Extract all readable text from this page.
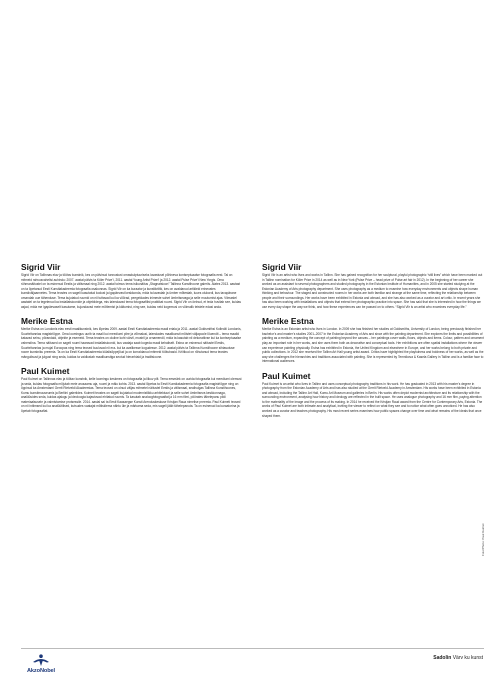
Sigrid Viir

Sigrid Viir on Tallinnas elav ja töötav kunstnik, kes on pälvinud tunnustust omaskulptuuriseks lavastusel põhineva kontseptuaalse fotograafia eest. Tal on mitmeid rahvusvahelisi auhindu: 2007. aastal pälvis ta Köler Prize’i, 2011. aastal Young Artist Prize’i ja 2012. aastal Pulse Prize’i New Yorgis. Oma rühmanäitustel on ta esinenud Eestis ja välismaal ning 2012. aastal toimus tema isikunäitus „Stagnatsioon” Tallinna Kunstihoone galeriis. Alates 2013. aastast on ta õpetanud Eesti Kunstiakadeemia fotograafia osakonnas. Sigrid Viir on ka kuraator ja kunstikriitik, kes on avaldanud artikleid erinevates kunstiväljaannetes. Tema teostes on sageli kasutatud kodust ja igapäevast keskkonda, mida ta lavastab ja ümber mõtestab, luues olukordi, kus tavapärane omandab uue tähenduse. Tema kujutatud ruumid on nii tuttavad kui ka võõrad, peegeldades inimeste suhet ümbritsevaga ja selle muutumist ajas. Viimastel aastatel on ta tegelenud ka installatsioonide ja objektidega, mis laiendavad tema fotograafilist praktikat ruumi. Sigrid Viir on öelnud, et teda huvitab see, kuidas asjad, mida me igapäevaselt kasutame, kujundavad meie mõtlemist ja käitumist, ning see, kuidas neid kogemusi on võimalik teistele edasi anda.

Merike Estna

Merike Estna on Londonis elav eesti maalikunstnik, kes lõpetas 2009. aastal Eesti Kunstiakadeemia maali eriala ja 2011. aastal Goldsmithsi Kolledži Londonis, Suurbritannias magistriõppe. Oma loomingus uurib ta maali kui meediumi piire ja võimalusi, laiendades maalikunsti mõistet väljapoole lõuendit – tema maalid katavad seinu, põrandaid, objekte ja esemeid. Tema teostes on oluline koht värvil, mustril ja ornamendil, mida ta kasutab nii dekoratiivse kui ka kontseptuaalse vahendina. Tema näitused on sageli ruumi haaravad installatsioonid, kus vaataja saab kogeda maali kehaliselt. Estna on esinenud näitustel Eestis, Suurbritannias ja mujal Euroopas ning tema teosed kuuluvad nii era- kui ka avalikesse kogudesse. 2012. aastal pälvis ta Tallinna Kunstihoone sihtasutuse noore kunstniku preemia. Ta on ka Eesti Kunstiakadeemia külalisõppejõud ja on korraldanud mitmeid töötubasid. Kriitikud on rõhutanud tema teostes mängulisust ja julgust ning seda, kuidas ta vaidlustab maalikunstiga seotud hierarhiaid ja traditsioone.

Paul Kuimet

Paul Kuimet on Tallinnas elav ja töötav kunstnik, kelle loomingu keskmes on fotograafia ja liikuv pilt. Tema eesmärk on uurida fotograafia kui meediumi olemust ja seda, kuidas fotograafia mõjutab meie arusaamu aja, ruumi ja mälu kohta. 2013. aastal lõpetas ta Eesti Kunstiakadeemia fotograafia magistriõppe ning on õppinud ka Amsterdami Gerrit Rietveldi Akadeemias. Tema teosed on olnud väljas mitmetel näitustel Eestis ja välismaal, sealhulgas Tallinna Kunstihoones, Kumu kunstimuuseumis ja Berliini galeriides. Kuimeti teostes on sageli kujutatud modernistlikku arhitektuuri ja selle suhet ümbritseva keskkonnaga, analüüsides seda, kuidas ajalugu ja ideoloogia kajastuvad ehitatud ruumis. Ta kasutab analoogfotograafiat ja 16 mm filmi, pöörates tähelepanu pildi materiaalsusele ja valmistamise protsessile. 2014. aastal sai ta Eesti Kaasaegse Kunsti Arenduskeskuse Kristjan Raua nimelise preemia. Paul Kuimeti teosed on nii intiimsed kui ka analüütilised, kutsudes vaatajat mõtisklema nähtu üle ja märkama seda, mis sageli jääb tähelepanuta. Ta on esinenud ka kuraatorina ja õpetab fotograafiat.

Sigrid Viir

Sigrid Viir is an artist who lives and works in Tallinn. She has gained recognition for her sculptural, playful photographic “still lives” which have been marked out in Tallinn nomination for Köler Prize in 2014 as well as in New York (Pulse Prize – head prize of Pulse art fair in 2012). In the beginning of her career she worked as an assistant to several photographers and studied photography in the Estonian Institute of Humanities, and in 2005 she started studying at the Estonian Academy of Arts photography department. She uses photography as a medium to examine how everyday environments and objects shape human thinking and behaviour. The staged and constructed rooms in her works are both familiar and strange at the same time, reflecting the relationship between people and their surroundings. Her works have been exhibited in Estonia and abroad, and she has also worked as a curator and art critic. In recent years she has also been working with installations and objects that extend her photographic practice into space. She has said that she is interested in how the things we use every day shape the way we think, and how these experiences can be passed on to others. “Sigrid Viir is an artist who examines everyday life.”

Merike Estna

Merike Estna is an Estonian artist who lives in London. In 2009 she has finished her studies at Goldsmiths, University of London, being previously finished her bachelor’s and master’s studies 2001–2007 in the Estonian Academy of Arts and since with the painting department. She explores the limits and possibilities of painting as a medium, expanding the concept of painting beyond the canvas – her paintings cover walls, floors, objects and items. Colour, pattern and ornament play an important role in her works, and she uses them both as decorative and conceptual tools. Her exhibitions are often spatial installations where the viewer can experience painting physically. Estna has exhibited in Estonia, the United Kingdom and elsewhere in Europe, and her works belong to both private and public collections. In 2012 she received the Tallinn Art Hall young artist award. Critics have highlighted the playfulness and boldness of her works, as well as the way she challenges the hierarchies and traditions associated with painting. She is represented by Temnikova & Kasela Gallery in Tallinn and is a familiar face to international audiences.

Paul Kuimet

Paul Kuimet is an artist who lives in Tallinn and uses conceptual photography traditions in his work. He has graduated in 2013 with his master’s degree in photography from the Estonian Academy of Arts and has also studied at the Gerrit Rietveld Academy in Amsterdam. His works have been exhibited in Estonia and abroad, including the Tallinn Art Hall, Kumu Art Museum and galleries in Berlin. His works often depict modernist architecture and its relationship with the surrounding environment, analysing how history and ideology are reflected in the built space. He uses analogue photography and 16 mm film, paying attention to the materiality of the image and the process of its making. In 2014 he received the Kristjan Raud award from the Centre for Contemporary Arts, Estonia. The works of Paul Kuimet are both intimate and analytical, inviting the viewer to reflect on what they see and to notice what often goes unnoticed. He has also worked as a curator and teaches photography. His most recent series examines how public spaces change over time and what remains of the ideals that once shaped them.

Foto/Photo: Paul Kuimet
AkzoNobel
Sadolin Värv ku kunst
